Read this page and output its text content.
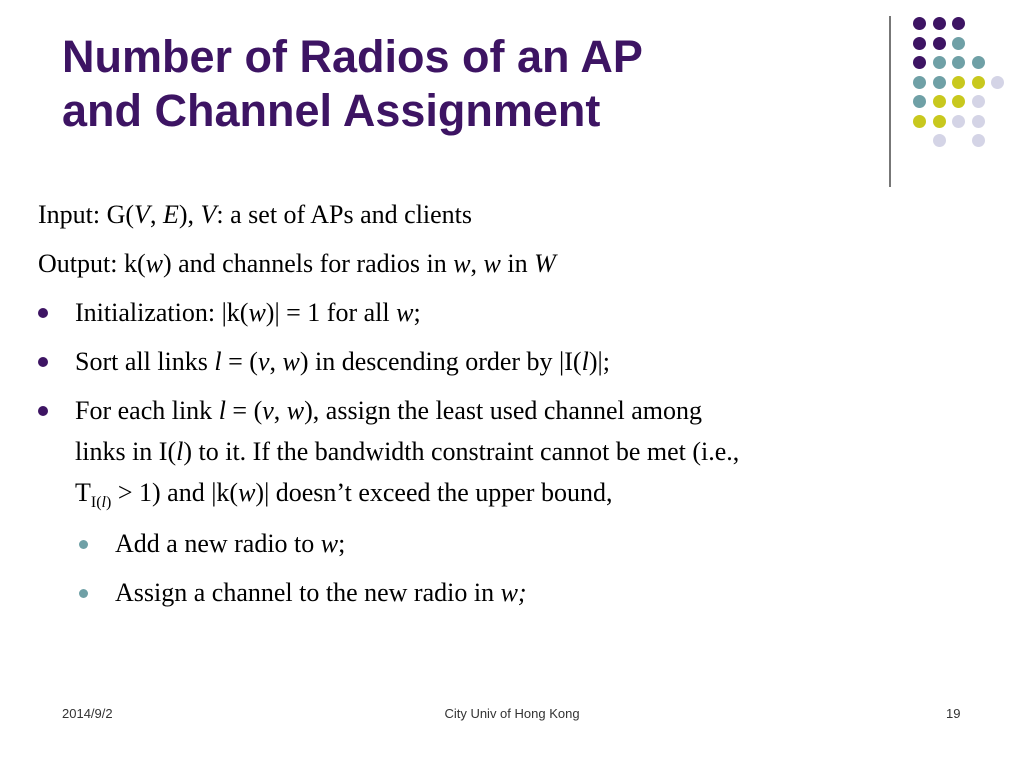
Number of Radios of an AP
and Channel Assignment
Input: G(V, E), V: a set of APs and clients
Output: k(w) and channels for radios in w, w in W
Initialization: |k(w)| = 1 for all w;
Sort all links l = (v, w) in descending order by |I(l)|;
For each link l = (v, w), assign the least used channel among
links in I(l) to it. If the bandwidth constraint cannot be met (i.e.,
$T_{I(l)} > 1$) and |k(w)| doesn’t exceed the upper bound,
Add a new radio to w;
Assign a channel to the new radio in w;
2014/9/2	City Univ of Hong Kong	19
